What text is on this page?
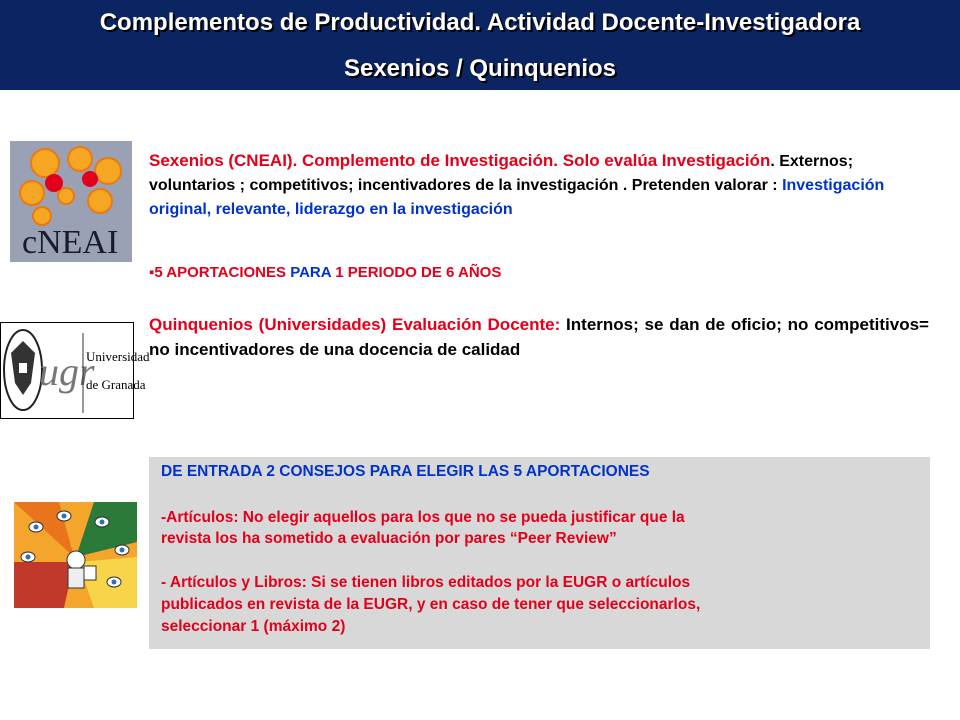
Complementos de Productividad. Actividad Docente-Investigadora
Sexenios / Quinquenios
cNEAI
ugr
Universidad
de Granada
Sexenios (CNEAI). Complemento de Investigación. Solo evalúa Investigación. Externos; voluntarios ; competitivos; incentivadores de la investigación . Pretenden valorar : Investigación original, relevante, liderazgo en la investigación
▪5 APORTACIONES PARA 1 PERIODO DE 6 AÑOS
Quinquenios (Universidades) Evaluación Docente: Internos; se dan de oficio; no competitivos= no incentivadores de una docencia de calidad
DE ENTRADA 2 CONSEJOS PARA ELEGIR LAS 5 APORTACIONES
-Artículos: No elegir aquellos para los que no se pueda justificar que la
revista los ha sometido a evaluación por pares “Peer Review”
- Artículos y Libros: Si se tienen libros editados por la EUGR o artículos
publicados en revista de la EUGR, y en caso de tener que seleccionarlos,
seleccionar 1 (máximo 2)
